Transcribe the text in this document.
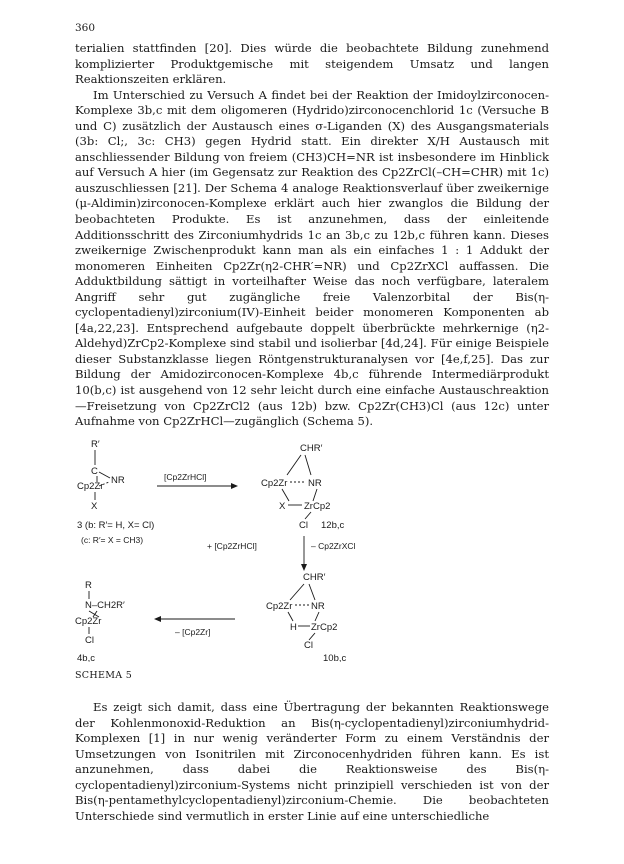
360

terialien stattfinden [20]. Dies würde die beobachtete Bildung zunehmend komplizierter Produktgemische mit steigendem Umsatz und langen Reaktionszeiten erklären.

Im Unterschied zu Versuch A findet bei der Reaktion der Imidoylzirconocen-Komplexe 3b,c mit dem oligomeren (Hydrido)zirconocenchlorid 1c (Versuche B und C) zusätzlich der Austausch eines σ-Liganden (X) des Ausgangsmaterials (3b: Cl;, 3c: CH3) gegen Hydrid statt. Ein direkter X/H Austausch mit anschliessender Bildung von freiem (CH3)CH=NR ist insbesondere im Hinblick auf Versuch A hier (im Gegensatz zur Reaktion des Cp2ZrCl(–CH=CHR) mit 1c) auszuschliessen [21]. Der Schema 4 analoge Reaktionsverlauf über zweikernige (μ-Aldimin)zirconocen-Komplexe erklärt auch hier zwanglos die Bildung der beobachteten Produkte. Es ist anzunehmen, dass der einleitende Additionsschritt des Zirconiumhydrids 1c an 3b,c zu 12b,c führen kann. Dieses zweikernige Zwischenprodukt kann man als ein einfaches 1 : 1 Addukt der monomeren Einheiten Cp2Zr(η2-CHR′=NR) und Cp2ZrXCl auffassen. Die Adduktbildung sättigt in vorteilhafter Weise das noch verfügbare, lateralem Angriff sehr gut zugängliche freie Valenzorbital der Bis(η-cyclopentadienyl)zirconium(IV)-Einheit beider monomeren Komponenten ab [4a,22,23]. Entsprechend aufgebaute doppelt überbrückte mehrkernige (η2-Aldehyd)ZrCp2-Komplexe sind stabil und isolierbar [4d,24]. Für einige Beispiele dieser Substanzklasse liegen Röntgenstrukturanalysen vor [4e,f,25]. Das zur Bildung der Amidozirconocen-Komplexe 4b,c führende Intermediärprodukt 10(b,c) ist ausgehend von 12 sehr leicht durch eine einfache Austauschreaktion—Freisetzung von Cp2ZrCl2 (aus 12b) bzw. Cp2Zr(CH3)Cl (aus 12c) unter Aufnahme von Cp2ZrHCl—zugänglich (Schema 5).

R′
C
NR
Cp2Zr
X
3 (b: R′= H, X= Cl)
(c: R′= X = CH3)
[Cp2ZrHCl]
CHR′
Cp2Zr NR
X ZrCp2
Cl 12b,c
+ [Cp2ZrHCl]	– Cp2ZrXCl
CHR′
Cp2Zr NR
H ZrCp2
Cl
10b,c
– [Cp2Zr]
R
N–CH2R′
Cp2Zr
Cl
4b,c
SCHEMA 5

Es zeigt sich damit, dass eine Übertragung der bekannten Reaktionswege der Kohlenmonoxid-Reduktion an Bis(η-cyclopentadienyl)zirconiumhydrid-Komplexen [1] in nur wenig veränderter Form zu einem Verständnis der Umsetzungen von Isonitrilen mit Zirconocenhydriden führen kann. Es ist anzunehmen, dass dabei die Reaktionsweise des Bis(η-cyclopentadienyl)zirconium-Systems nicht prinzipiell verschieden ist von der Bis(η-pentamethylcyclopentadienyl)zirconium-Chemie. Die beobachteten Unterschiede sind vermutlich in erster Linie auf eine unterschiedliche
